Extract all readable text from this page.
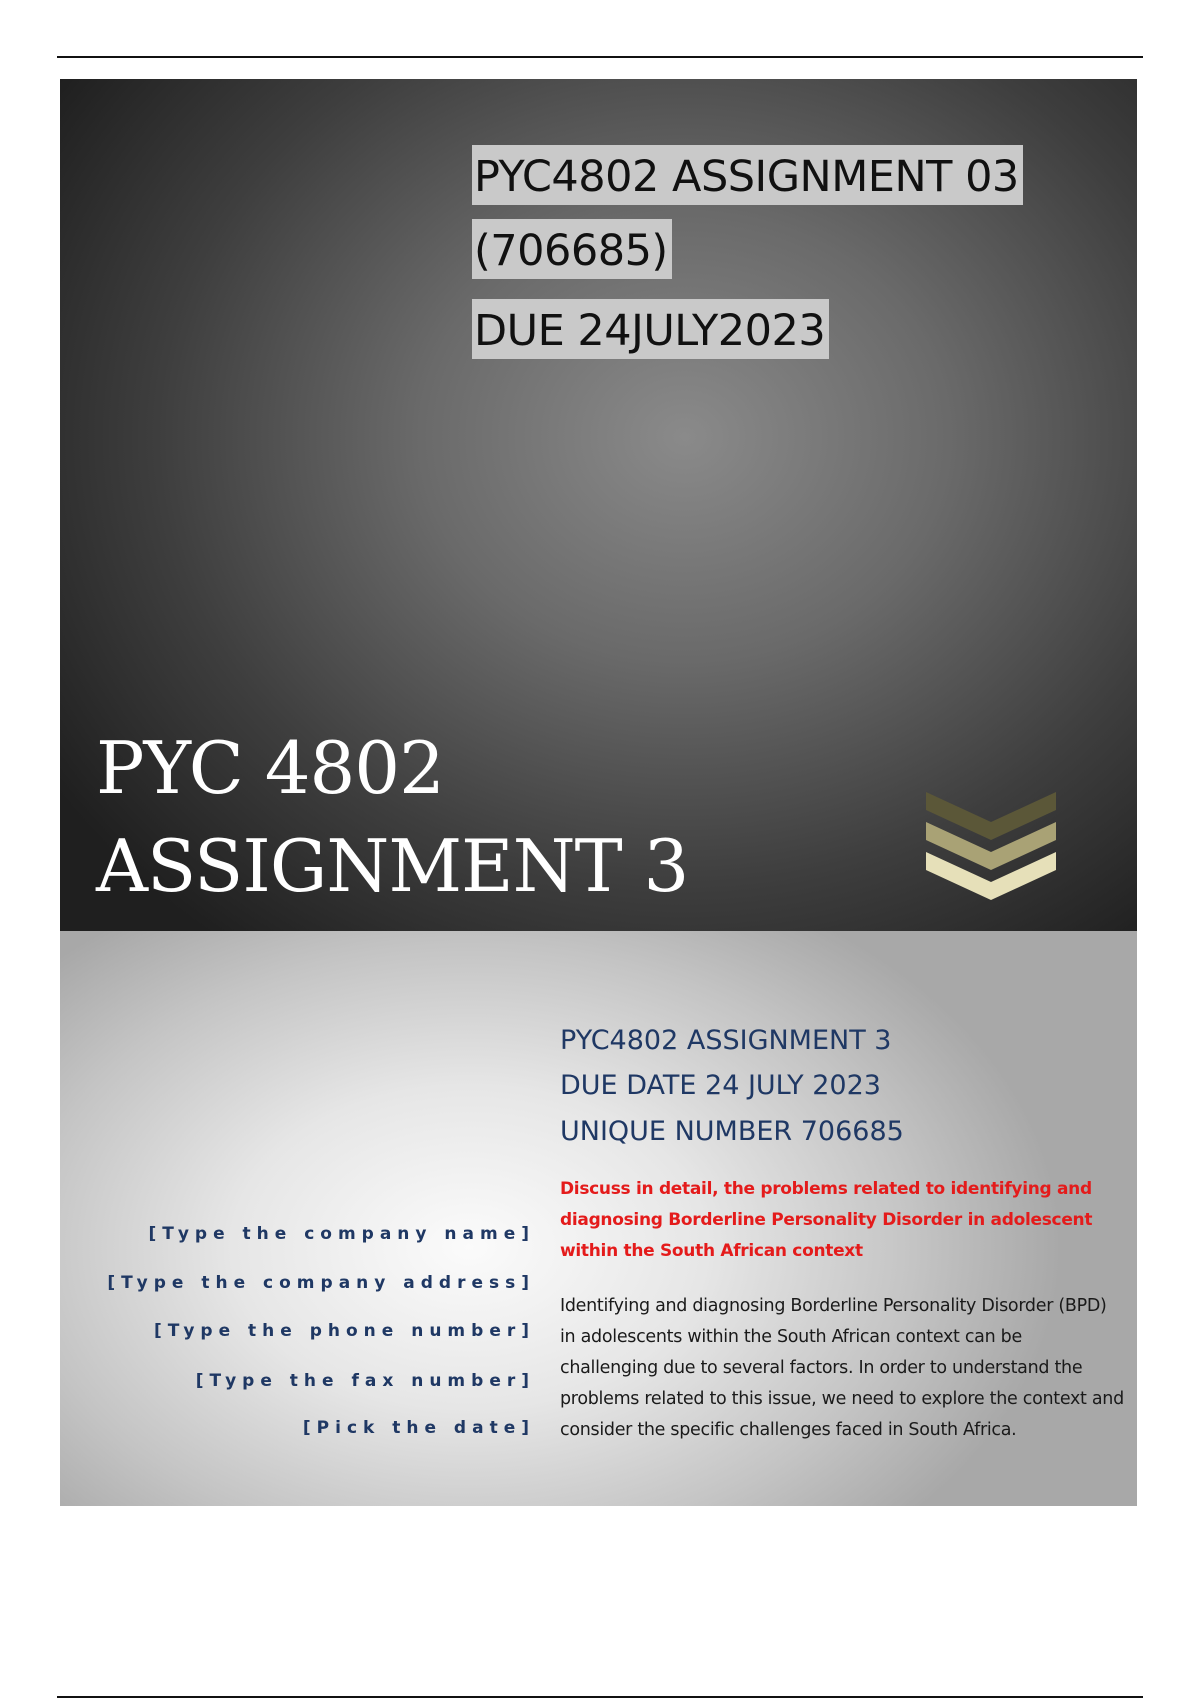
PYC4802 ASSIGNMENT 03
(706685)
DUE 24JULY2023
PYC 4802
ASSIGNMENT 3
[Type the company name]
[Type the company address]
[Type the phone number]
[Type the fax number]
[Pick the date]
PYC4802 ASSIGNMENT 3
DUE DATE 24 JULY 2023
UNIQUE NUMBER 706685
Discuss in detail, the problems related to identifying and diagnosing Borderline Personality Disorder in adolescent within the South African context
Identifying and diagnosing Borderline Personality Disorder (BPD) in adolescents within the South African context can be challenging due to several factors. In order to understand the problems related to this issue, we need to explore the context and consider the specific challenges faced in South Africa.
